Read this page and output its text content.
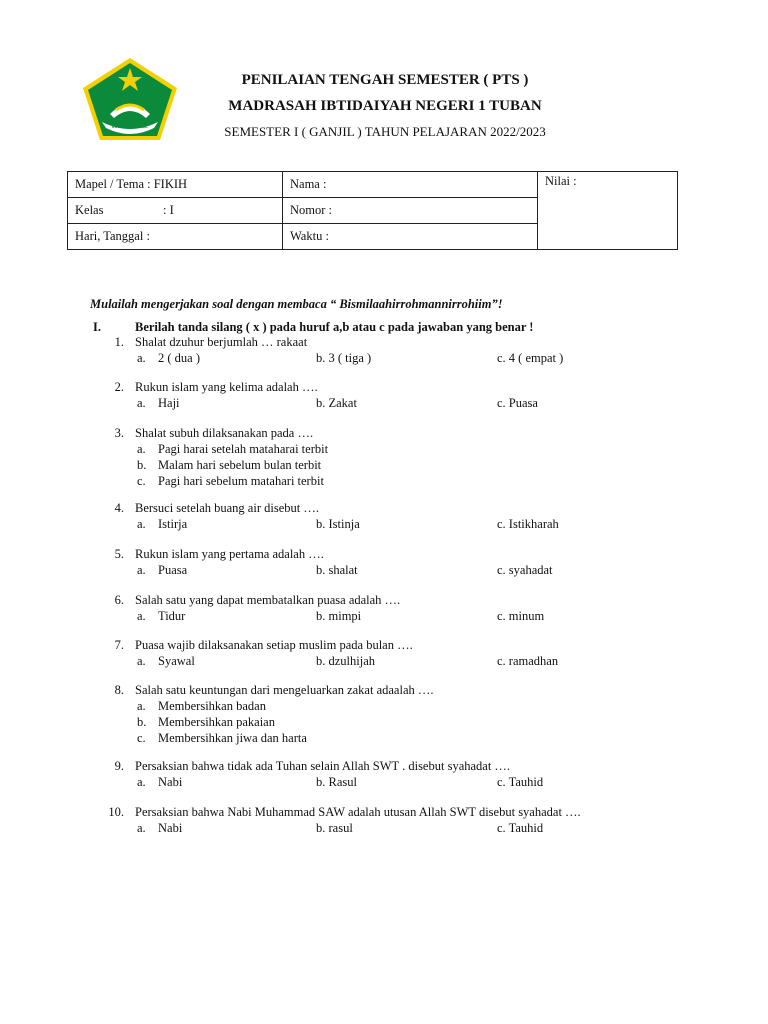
IKHLAS BERAMAL
PENILAIAN TENGAH SEMESTER ( PTS )
MADRASAH IBTIDAIYAH NEGERI 1 TUBAN
SEMESTER I ( GANJIL ) TAHUN PELAJARAN 2022/2023
Mapel / Tema : FIKIH	Nama :	Nilai :
Kelas : I	Nomor :	
Hari, Tanggal :	Waktu :	
Mulailah mengerjakan soal dengan membaca “ Bismilaahirrohmannirrohiim”!
I.	Berilah tanda silang ( x ) pada huruf a,b atau c pada jawaban yang benar !
1. Shalat dzuhur berjumlah … rakaat
a. 2 ( dua )	b. 3 ( tiga )	c. 4 ( empat )
2. Rukun islam yang kelima adalah ….
a. Haji	b. Zakat	c. Puasa
3. Shalat subuh dilaksanakan pada ….
a. Pagi harai setelah mataharai terbit
b. Malam hari sebelum bulan terbit
c. Pagi hari sebelum matahari terbit
4. Bersuci setelah buang air disebut ….
a. Istirja	b. Istinja	c. Istikharah
5. Rukun islam yang pertama adalah ….
a. Puasa	b. shalat	c. syahadat
6. Salah satu yang dapat membatalkan puasa adalah ….
a. Tidur	b. mimpi	c. minum
7. Puasa wajib dilaksanakan setiap muslim pada bulan ….
a. Syawal	b. dzulhijah	c. ramadhan
8. Salah satu keuntungan dari mengeluarkan zakat adaalah ….
a. Membersihkan badan
b. Membersihkan pakaian
c. Membersihkan jiwa dan harta
9. Persaksian bahwa tidak ada Tuhan selain Allah SWT . disebut syahadat ….
a. Nabi	b. Rasul	c. Tauhid
10. Persaksian bahwa Nabi Muhammad SAW adalah utusan Allah SWT disebut syahadat ….
a. Nabi	b. rasul	c. Tauhid
